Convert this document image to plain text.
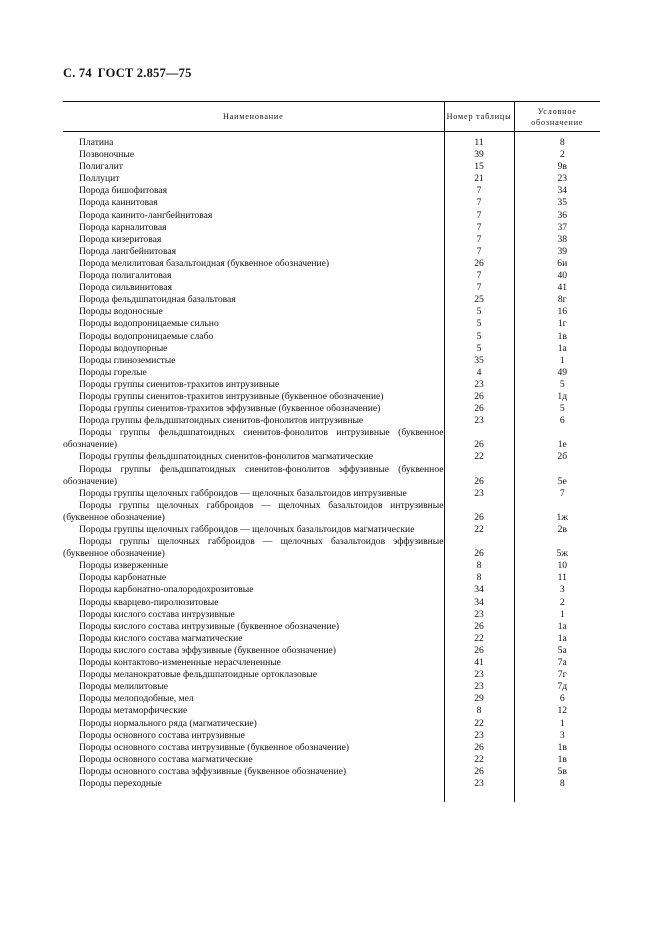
С. 74 ГОСТ 2.857—75
Наименование	Номер таблицы	Условное обозначение
Платина	11	8
Позвоночные	39	2
Полигалит	15	9в
Поллуцит	21	23
Порода бишофитовая	7	34
Порода каинитовая	7	35
Порода каинито-лангбейнитовая	7	36
Порода карналитовая	7	37
Порода кизеритовая	7	38
Порода лангбейнитовая	7	39
Порода мелилитовая базальтоидная (буквенное обозначение)	26	6и
Порода полигалитовая	7	40
Порода сильвинитовая	7	41
Порода фельдшпатоидная базальтовая	25	8г
Породы водоносные	5	16
Породы водопроницаемые сильно	5	1г
Породы водопроницаемые слабо	5	1в
Породы водоупорные	5	1а
Породы глиноземистые	35	1
Породы горелые	4	49
Породы группы сиенитов-трахитов интрузивные	23	5
Породы группы сиенитов-трахитов интрузивные (буквенное обозначение)	26	1д
Породы группы сиенитов-трахитов эффузивные (буквенное обозначение)	26	5
Порода группы фельдшпатоидных сиенитов-фонолитов интрузивные	23	6
Породы группы фельдшпатоидных сиенитов-фонолитов интрузивные (буквенное обозначение)	26	1е
Породы группы фельдшпатоидных сиенитов-фонолитов магматические	22	2б
Породы группы фельдшпатоидных сиенитов-фонолитов эффузивные (буквенное обозначение)	26	5е
Породы группы щелочных габброидов — щелочных базальтоидов интрузивные	23	7
Породы группы щелочных габброидов — щелочных базальтоидов интрузивные (буквенное обозначение)	26	1ж
Породы группы щелочных габброидов — щелочных базальтоидов магматические	22	2в
Породы группы щелочных габброидов — щелочных базальтоидов эффузивные (буквенное обозначение)	26	5ж
Породы изверженные	8	10
Породы карбонатные	8	11
Породы карбонатно-опалородохрозитовые	34	3
Породы кварцево-пиролюзитовые	34	2
Породы кислого состава интрузивные	23	1
Породы кислого состава интрузивные (буквенное обозначение)	26	1а
Породы кислого состава магматические	22	1а
Породы кислого состава эффузивные (буквенное обозначение)	26	5а
Породы контактово-измененные нерасчлененные	41	7а
Породы меланократовые фельдшпатоидные ортоклазовые	23	7г
Породы мелилитовые	23	7д
Породы мелоподобные, мел	29	6
Породы метаморфические	8	12
Породы нормального ряда (магматические)	22	1
Породы основного состава интрузивные	23	3
Породы основного состава интрузивные (буквенное обозначение)	26	1в
Породы основного состава магматические	22	1в
Породы основного состава эффузивные (буквенное обозначение)	26	5в
Породы переходные	23	8
